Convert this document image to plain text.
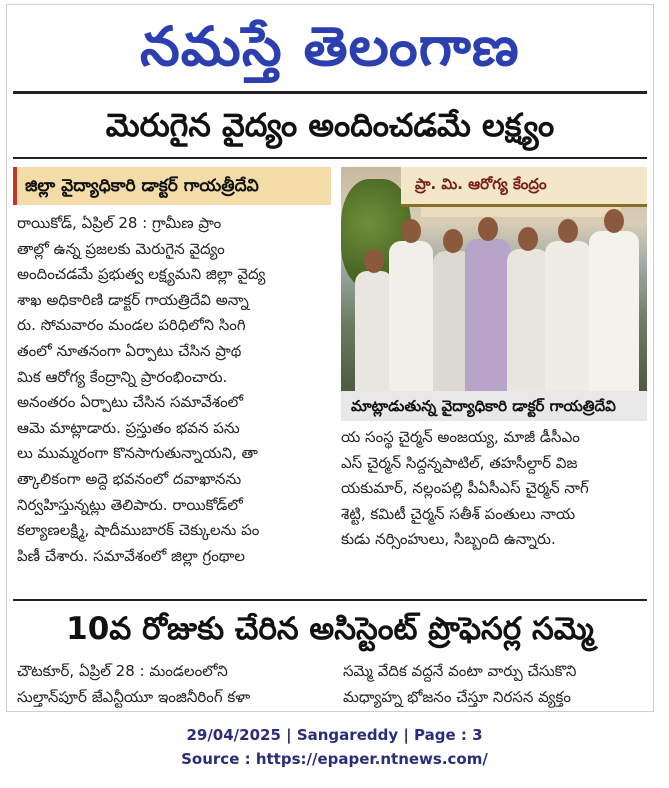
నమస్తే తెలంగాణ
మెరుగైన వైద్యం అందించడమే లక్ష్యం
జిల్లా వైద్యాధికారి డాక్టర్ గాయత్రీదేవి
రాయికోడ్, ఏప్రిల్ 28 : గ్రామీణ ప్రాం
తాల్లో ఉన్న ప్రజలకు మెరుగైన వైద్యం
అందించడమే ప్రభుత్వ లక్ష్యమని జిల్లా వైద్య
శాఖ అధికారిణి డాక్టర్ గాయత్రిదేవి అన్నా
రు. సోమవారం మండల పరిధిలోని సింగి
తంలో నూతనంగా ఏర్పాటు చేసిన ప్రాథ
మిక ఆరోగ్య కేంద్రాన్ని ప్రారంభించారు.
అనంతరం ఏర్పాటు చేసిన సమావేశంలో
ఆమె మాట్లాడారు. ప్రస్తుతం భవన పను
లు ముమ్మరంగా కొనసాగుతున్నాయని, తా
త్కాలికంగా అద్దె భవనంలో దవాఖానను
నిర్వహిస్తున్నట్లు తెలిపారు. రాయికోడ్‌లో
కల్యాణలక్ష్మి, షాదీముబారక్ చెక్కులను పం
పిణీ చేశారు. సమావేశంలో జిల్లా గ్రంథాల
ప్రా. మి. ఆరోగ్య కేంద్రం
మాట్లాడుతున్న వైద్యాధికారి డాక్టర్ గాయత్రిదేవి
య సంస్థ చైర్మన్ అంజయ్య, మాజీ డీసీఎం
ఎస్ చైర్మన్ సిద్దన్నపాటిల్, తహసీల్దార్ విజ
యకుమార్, నల్లంపల్లి పీఏసీఎస్ చైర్మన్ నాగ్
శెట్టి, కమిటీ చైర్మన్ సతీశ్ పంతులు నాయ
కుడు నర్సింహులు, సిబ్బంది ఉన్నారు.
10వ రోజుకు చేరిన అసిస్టెంట్ ప్రొఫెసర్ల సమ్మె
చౌటకూర్, ఏప్రిల్ 28 : మండలంలోని
సుల్తాన్‌పూర్ జేఎన్టీయూ ఇంజినీరింగ్ కళా
సమ్మె వేదిక వద్దనే వంటా వార్పు చేసుకొని
మధ్యాహ్న భోజనం చేస్తూ నిరసన వ్యక్తం
29/04/2025 | Sangareddy | Page : 3
Source : https://epaper.ntnews.com/
